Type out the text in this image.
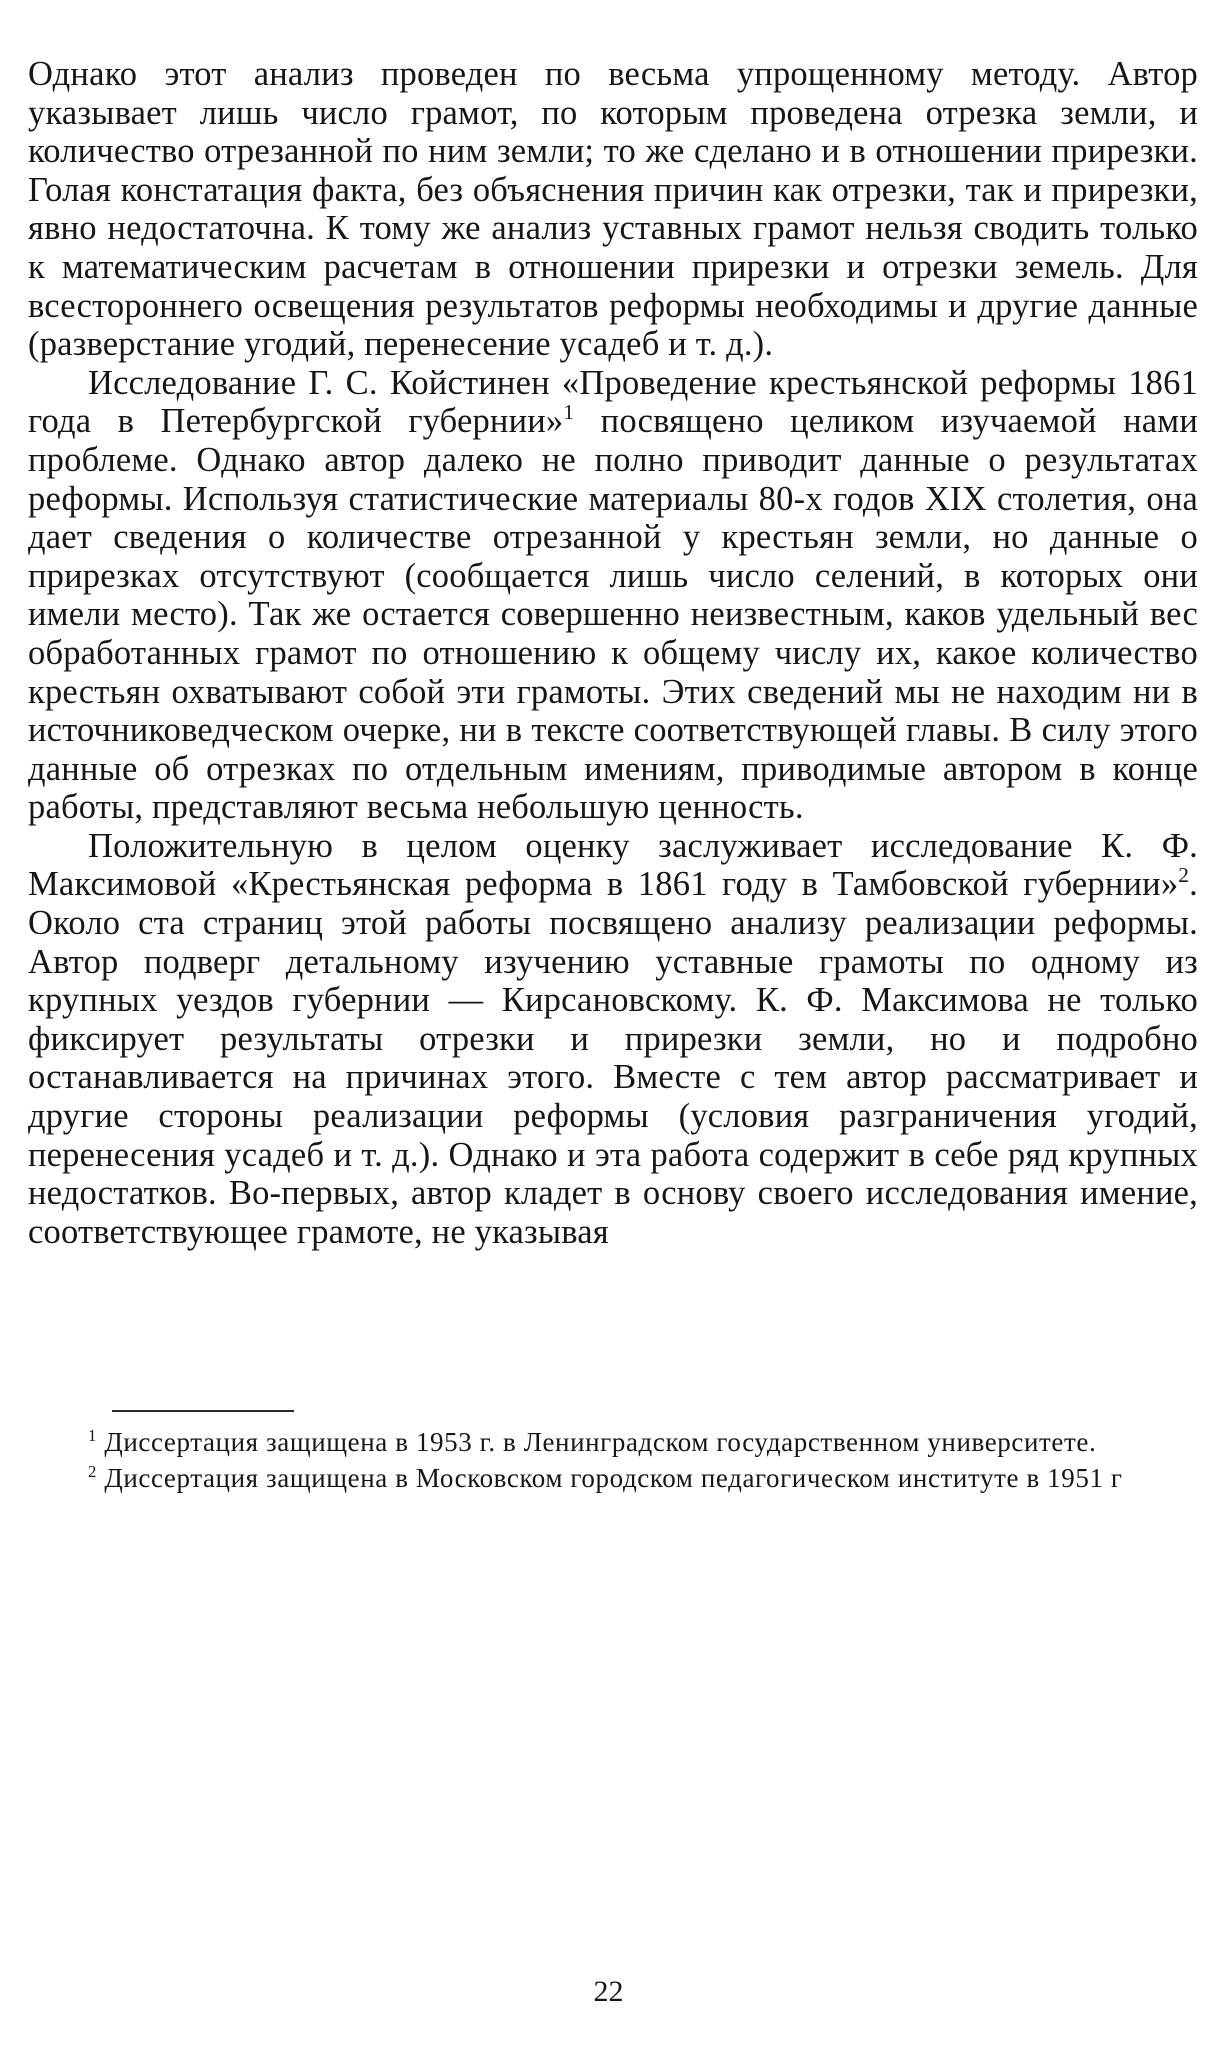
Однако этот анализ проведен по весьма упрощенному методу. Автор указывает лишь число грамот, по которым проведена отрезка земли, и количество отрезанной по ним земли; то же сделано и в отношении прирезки. Голая констатация факта, без объяснения причин как отрезки, так и прирезки, явно недостаточна. К тому же анализ уставных грамот нельзя сводить только к математическим расчетам в отношении прирезки и отрезки земель. Для всестороннего освещения результатов реформы необходимы и другие данные (разверстание угодий, перенесение усадеб и т. д.).

Исследование Г. С. Койстинен «Проведение крестьянской реформы 1861 года в Петербургской губернии»$^1$ посвящено целиком изучаемой нами проблеме. Однако автор далеко не полно приводит данные о результатах реформы. Используя статистические материалы 80-х годов XIX столетия, она дает сведения о количестве отрезанной у крестьян земли, но данные о прирезках отсутствуют (сообщается лишь число селений, в которых они имели место). Так же остается совершенно неизвестным, каков удельный вес обработанных грамот по отношению к общему числу их, какое количество крестьян охватывают собой эти грамоты. Этих сведений мы не находим ни в источниковедческом очерке, ни в тексте соответствующей главы. В силу этого данные об отрезках по отдельным имениям, приводимые автором в конце работы, представляют весьма небольшую ценность.

Положительную в целом оценку заслуживает исследование К. Ф. Максимовой «Крестьянская реформа в 1861 году в Тамбовской губернии»$^2$. Около ста страниц этой работы посвящено анализу реализации реформы. Автор подверг детальному изучению уставные грамоты по одному из крупных уездов губернии — Кирсановскому. К. Ф. Максимова не только фиксирует результаты отрезки и прирезки земли, но и подробно останавливается на причинах этого. Вместе с тем автор рассматривает и другие стороны реализации реформы (условия разграничения угодий, перенесения усадеб и т. д.). Однако и эта работа содержит в себе ряд крупных недостатков. Во-первых, автор кладет в основу своего исследования имение, соответствующее грамоте, не указывая

$^1$ Диссертация защищена в 1953 г. в Ленинградском государственном университете.

$^2$ Диссертация защищена в Московском городском педагогическом институте в 1951 г

22
